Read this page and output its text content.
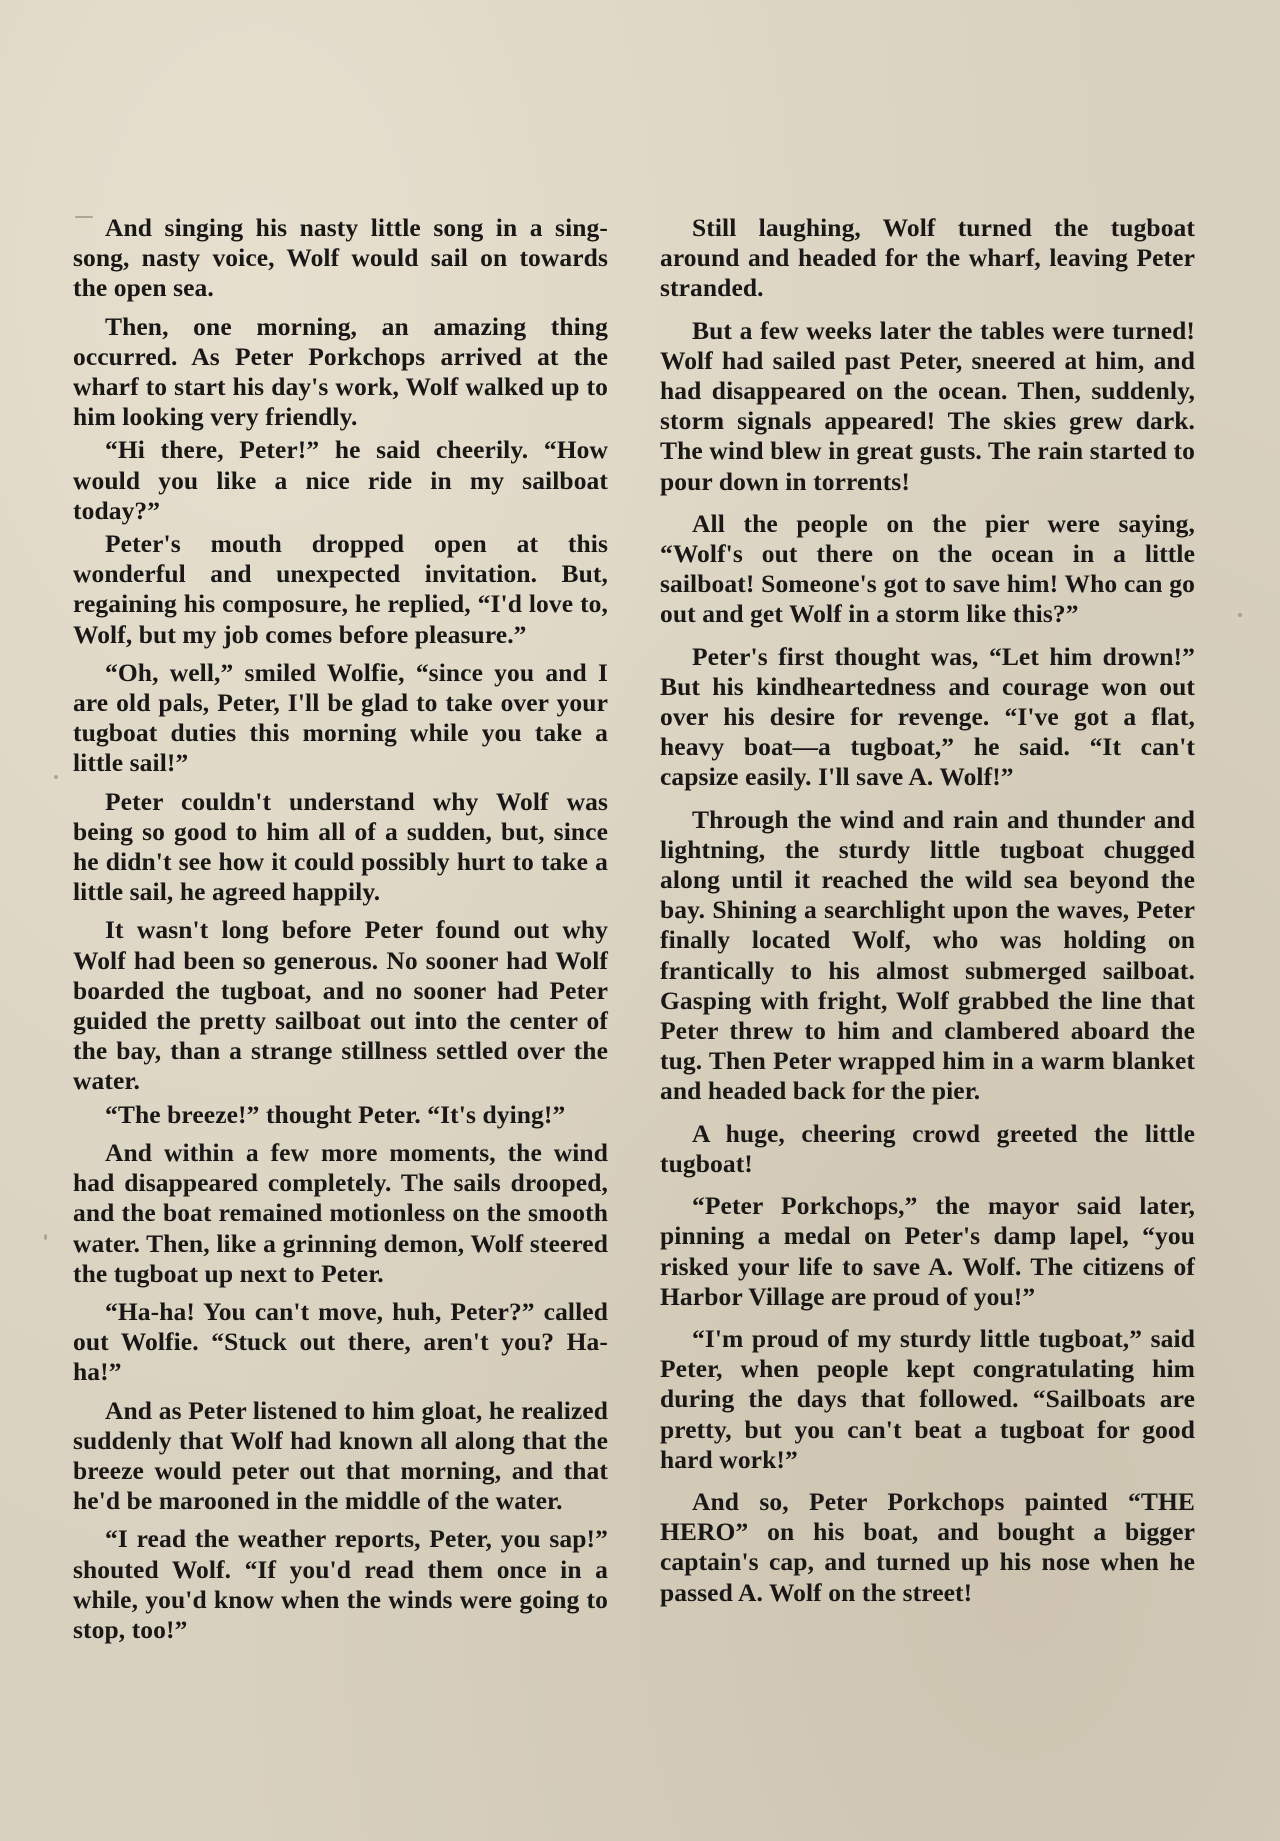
And singing his nasty little song in a sing-song, nasty voice, Wolf would sail on towards the open sea.

Then, one morning, an amazing thing occurred. As Peter Porkchops arrived at the wharf to start his day's work, Wolf walked up to him looking very friendly.

“Hi there, Peter!” he said cheerily. “How would you like a nice ride in my sailboat today?”

Peter's mouth dropped open at this wonderful and unexpected invitation. But, regaining his composure, he replied, “I'd love to, Wolf, but my job comes before pleasure.”

“Oh, well,” smiled Wolfie, “since you and I are old pals, Peter, I'll be glad to take over your tugboat duties this morning while you take a little sail!”

Peter couldn't understand why Wolf was being so good to him all of a sudden, but, since he didn't see how it could possibly hurt to take a little sail, he agreed happily.

It wasn't long before Peter found out why Wolf had been so generous. No sooner had Wolf boarded the tugboat, and no sooner had Peter guided the pretty sailboat out into the center of the bay, than a strange stillness settled over the water.

“The breeze!” thought Peter. “It's dying!”

And within a few more moments, the wind had disappeared completely. The sails drooped, and the boat remained motionless on the smooth water. Then, like a grinning demon, Wolf steered the tugboat up next to Peter.

“Ha-ha! You can't move, huh, Peter?” called out Wolfie. “Stuck out there, aren't you? Ha-ha!”

And as Peter listened to him gloat, he realized suddenly that Wolf had known all along that the breeze would peter out that morning, and that he'd be marooned in the middle of the water.

“I read the weather reports, Peter, you sap!” shouted Wolf. “If you'd read them once in a while, you'd know when the winds were going to stop, too!”

Still laughing, Wolf turned the tugboat around and headed for the wharf, leaving Peter stranded.

But a few weeks later the tables were turned! Wolf had sailed past Peter, sneered at him, and had disappeared on the ocean. Then, suddenly, storm signals appeared! The skies grew dark. The wind blew in great gusts. The rain started to pour down in torrents!

All the people on the pier were saying, “Wolf's out there on the ocean in a little sailboat! Someone's got to save him! Who can go out and get Wolf in a storm like this?”

Peter's first thought was, “Let him drown!” But his kindheartedness and courage won out over his desire for revenge. “I've got a flat, heavy boat—a tugboat,” he said. “It can't capsize easily. I'll save A. Wolf!”

Through the wind and rain and thunder and lightning, the sturdy little tugboat chugged along until it reached the wild sea beyond the bay. Shining a searchlight upon the waves, Peter finally located Wolf, who was holding on frantically to his almost submerged sailboat. Gasping with fright, Wolf grabbed the line that Peter threw to him and clambered aboard the tug. Then Peter wrapped him in a warm blanket and headed back for the pier.

A huge, cheering crowd greeted the little tugboat!

“Peter Porkchops,” the mayor said later, pinning a medal on Peter's damp lapel, “you risked your life to save A. Wolf. The citizens of Harbor Village are proud of you!”

“I'm proud of my sturdy little tugboat,” said Peter, when people kept congratulating him during the days that followed. “Sailboats are pretty, but you can't beat a tugboat for good hard work!”

And so, Peter Porkchops painted “THE HERO” on his boat, and bought a bigger captain's cap, and turned up his nose when he passed A. Wolf on the street!
